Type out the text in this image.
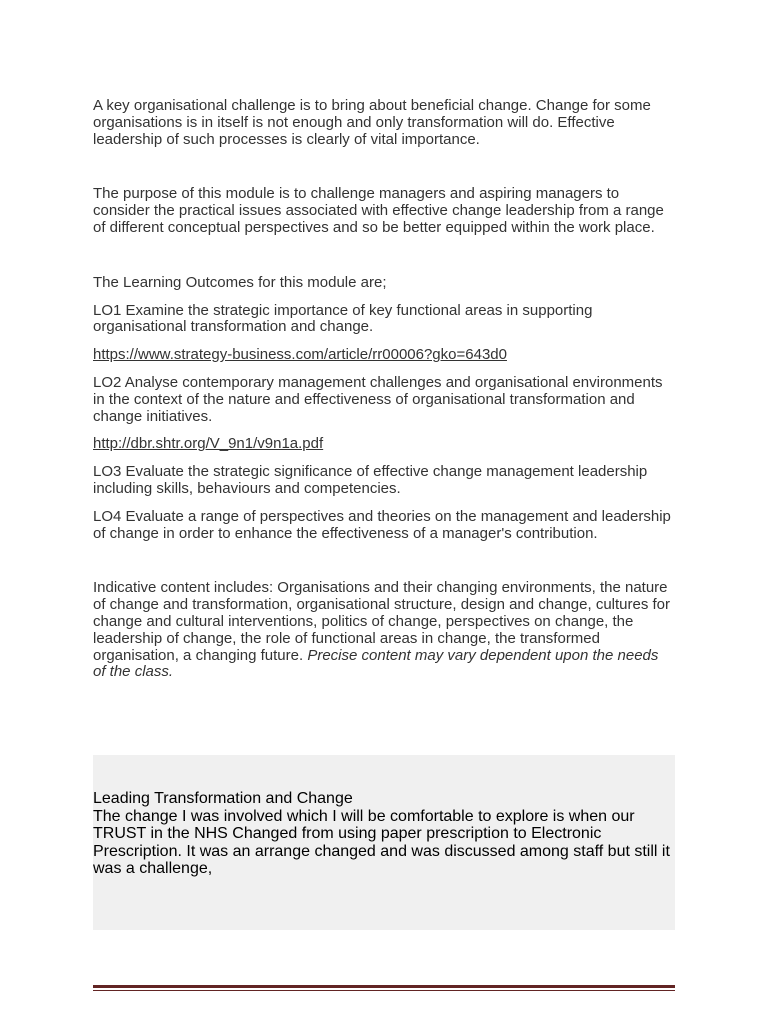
A key organisational challenge is to bring about beneficial change. Change for some organisations is in itself is not enough and only transformation will do. Effective leadership of such processes is clearly of vital importance.

The purpose of this module is to challenge managers and aspiring managers to consider the practical issues associated with effective change leadership from a range of different conceptual perspectives and so be better equipped within the work place.

The Learning Outcomes for this module are;

LO1 Examine the strategic importance of key functional areas in supporting organisational transformation and change.

https://www.strategy-business.com/article/rr00006?gko=643d0

LO2 Analyse contemporary management challenges and organisational environments in the context of the nature and effectiveness of organisational transformation and change initiatives.

http://dbr.shtr.org/V_9n1/v9n1a.pdf

LO3 Evaluate the strategic significance of effective change management leadership including skills, behaviours and competencies.

LO4 Evaluate a range of perspectives and theories on the management and leadership of change in order to enhance the effectiveness of a manager's contribution.

Indicative content includes: Organisations and their changing environments, the nature of change and transformation, organisational structure, design and change, cultures for change and cultural interventions, politics of change, perspectives on change, the leadership of change, the role of functional areas in change, the transformed organisation, a changing future. Precise content may vary dependent upon the needs of the class.

Leading Transformation and Change
The change I was involved which I will be comfortable to explore is when our TRUST in the NHS Changed from using paper prescription to Electronic Prescription. It was an arrange changed and was discussed among staff but still it was a challenge,
